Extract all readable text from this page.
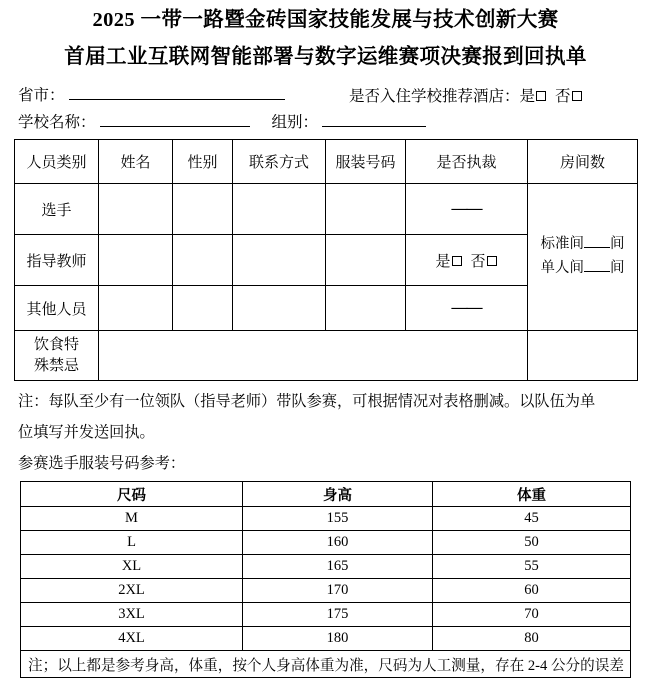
2025 一带一路暨金砖国家技能发展与技术创新大赛
首届工业互联网智能部署与数字运维赛项决赛报到回执单
省市：	是否入住学校推荐酒店：是 否
学校名称：	组别：
人员类别	姓名	性别	联系方式	服装号码	是否执裁	房间数
选手					——	标准间 间
单人间 间

指导教师					是 否	
其他人员					——	

饮食特
殊禁忌						

注：每队至少有一位领队（指导老师）带队参赛，可根据情况对表格删减。以队伍为单
位填写并发送回执。
参赛选手服装号码参考：
尺码	身高	体重
M	155	45
L	160	50
XL	165	55
2XL	170	60
3XL	175	70
4XL	180	80
注；以上都是参考身高，体重，按个人身高体重为准，尺码为人工测量，存在 2-4 公分的误差		
